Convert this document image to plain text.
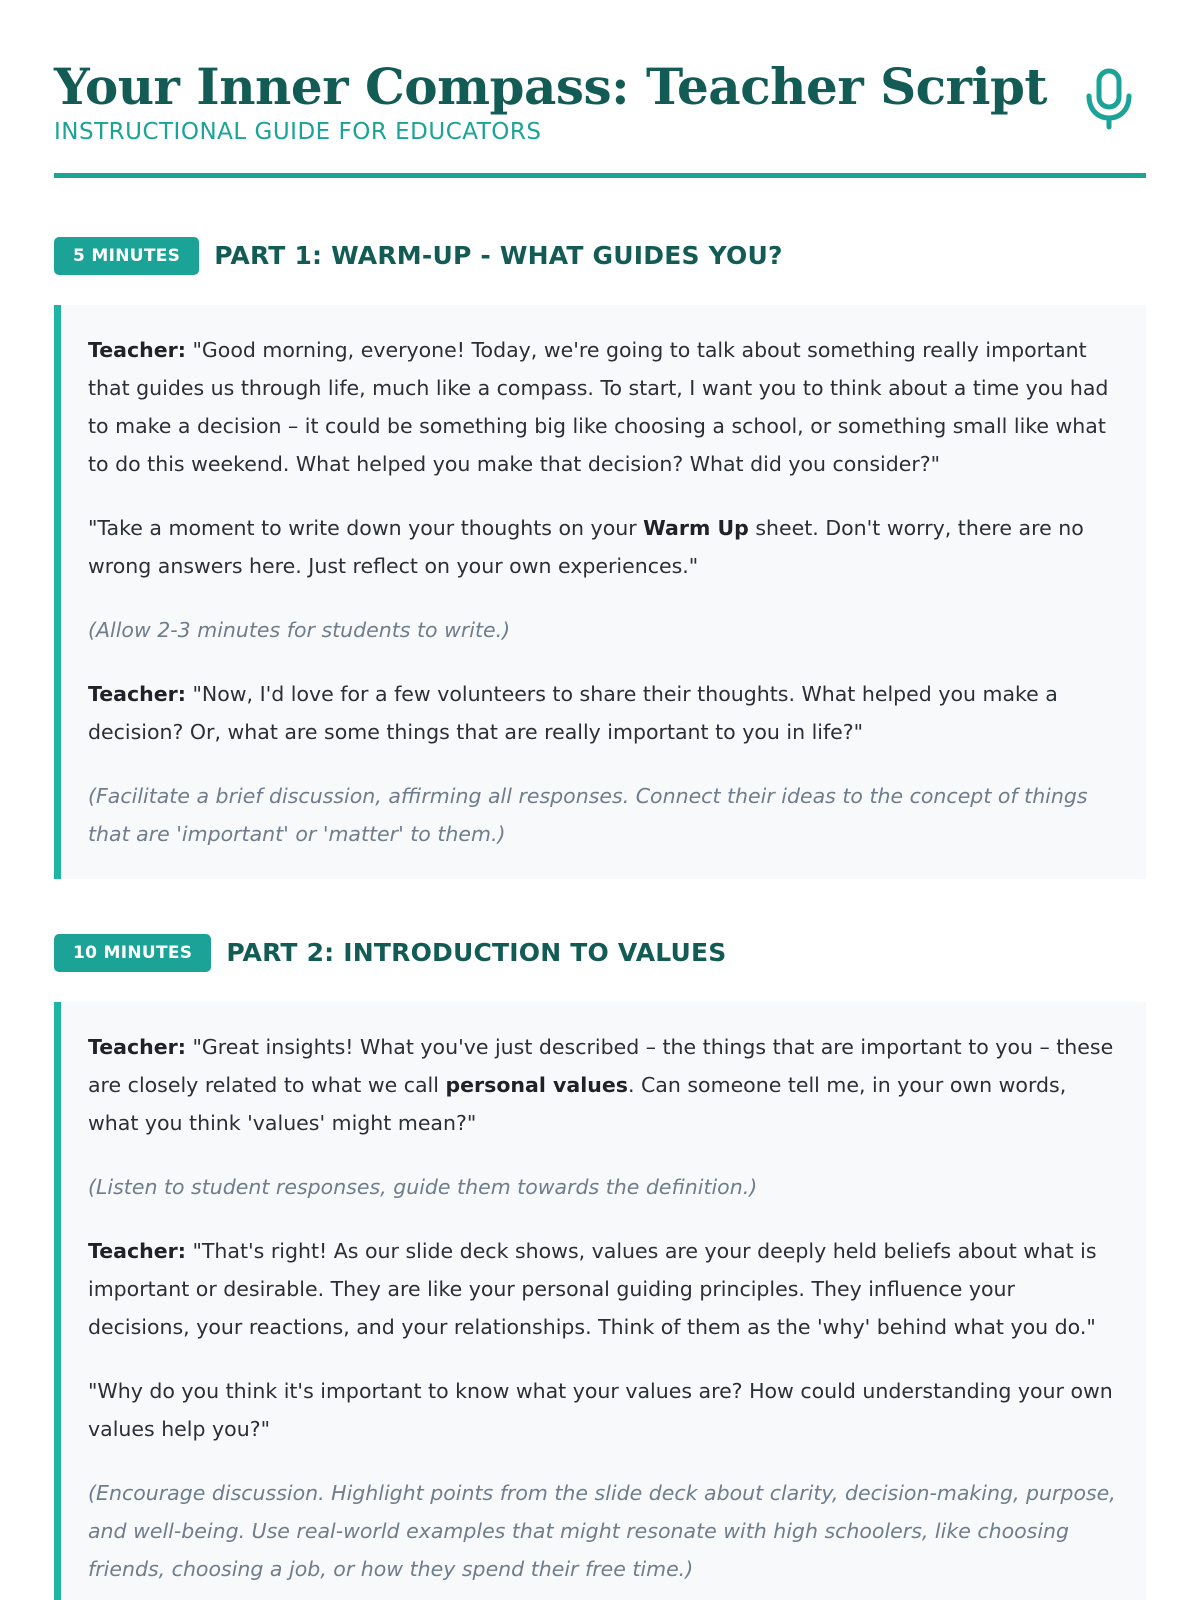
Your Inner Compass: Teacher Script
INSTRUCTIONAL GUIDE FOR EDUCATORS
5 MINUTES	PART 1: WARM-UP - WHAT GUIDES YOU?

Teacher: "Good morning, everyone! Today, we're going to talk about something really important that guides us through life, much like a compass. To start, I want you to think about a time you had to make a decision – it could be something big like choosing a school, or something small like what to do this weekend. What helped you make that decision? What did you consider?"

"Take a moment to write down your thoughts on your Warm Up sheet. Don't worry, there are no wrong answers here. Just reflect on your own experiences."

(Allow 2-3 minutes for students to write.)

Teacher: "Now, I'd love for a few volunteers to share their thoughts. What helped you make a decision? Or, what are some things that are really important to you in life?"

(Facilitate a brief discussion, affirming all responses. Connect their ideas to the concept of things that are 'important' or 'matter' to them.)

10 MINUTES	PART 2: INTRODUCTION TO VALUES

Teacher: "Great insights! What you've just described – the things that are important to you – these are closely related to what we call personal values. Can someone tell me, in your own words, what you think 'values' might mean?"

(Listen to student responses, guide them towards the definition.)

Teacher: "That's right! As our slide deck shows, values are your deeply held beliefs about what is important or desirable. They are like your personal guiding principles. They influence your decisions, your reactions, and your relationships. Think of them as the 'why' behind what you do."

"Why do you think it's important to know what your values are? How could understanding your own values help you?"

(Encourage discussion. Highlight points from the slide deck about clarity, decision-making, purpose, and well-being. Use real-world examples that might resonate with high schoolers, like choosing friends, choosing a job, or how they spend their free time.)
